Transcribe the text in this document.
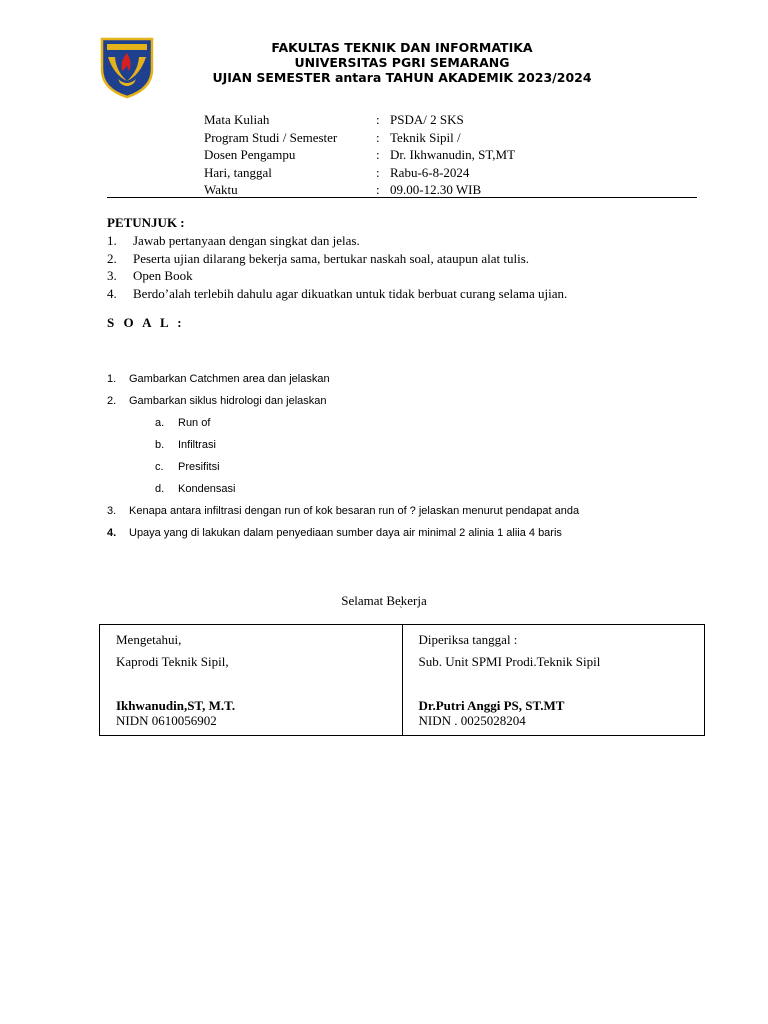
FAKULTAS TEKNIK DAN INFORMATIKA
UNIVERSITAS PGRI SEMARANG
UJIAN SEMESTER antara TAHUN AKADEMIK 2023/2024
Mata Kuliah	: PSDA/ 2 SKS
Program Studi / Semester	: Teknik Sipil /
Dosen Pengampu	: Dr. Ikhwanudin, ST,MT
Hari, tanggal	: Rabu-6-8-2024
Waktu	: 09.00-12.30 WIB
PETUNJUK :
1.	Jawab pertanyaan dengan singkat dan jelas.
2.	Peserta ujian dilarang bekerja sama, bertukar naskah soal, ataupun alat tulis.
3.	Open Book
4.	Berdo’alah terlebih dahulu agar dikuatkan untuk tidak berbuat curang selama ujian.
S O A L :
1.	Gambarkan Catchmen area dan jelaskan
2.	Gambarkan siklus hidrologi dan jelaskan
a.	Run of
b.	Infiltrasi
c.	Presifitsi
d.	Kondensasi
3.	Kenapa antara infiltrasi dengan run of kok besaran run of ? jelaskan menurut pendapat anda
4.	Upaya yang di lakukan dalam penyediaan sumber daya air minimal 2 alinia 1 aliia 4 baris
Selamat Bekerja
`
Mengetahui,
Kaprodi Teknik Sipil,
Ikhwanudin,ST, M.T.
NIDN 0610056902
Diperiksa tanggal :
Sub. Unit SPMI Prodi.Teknik Sipil
Dr.Putri Anggi PS, ST.MT
NIDN . 0025028204
